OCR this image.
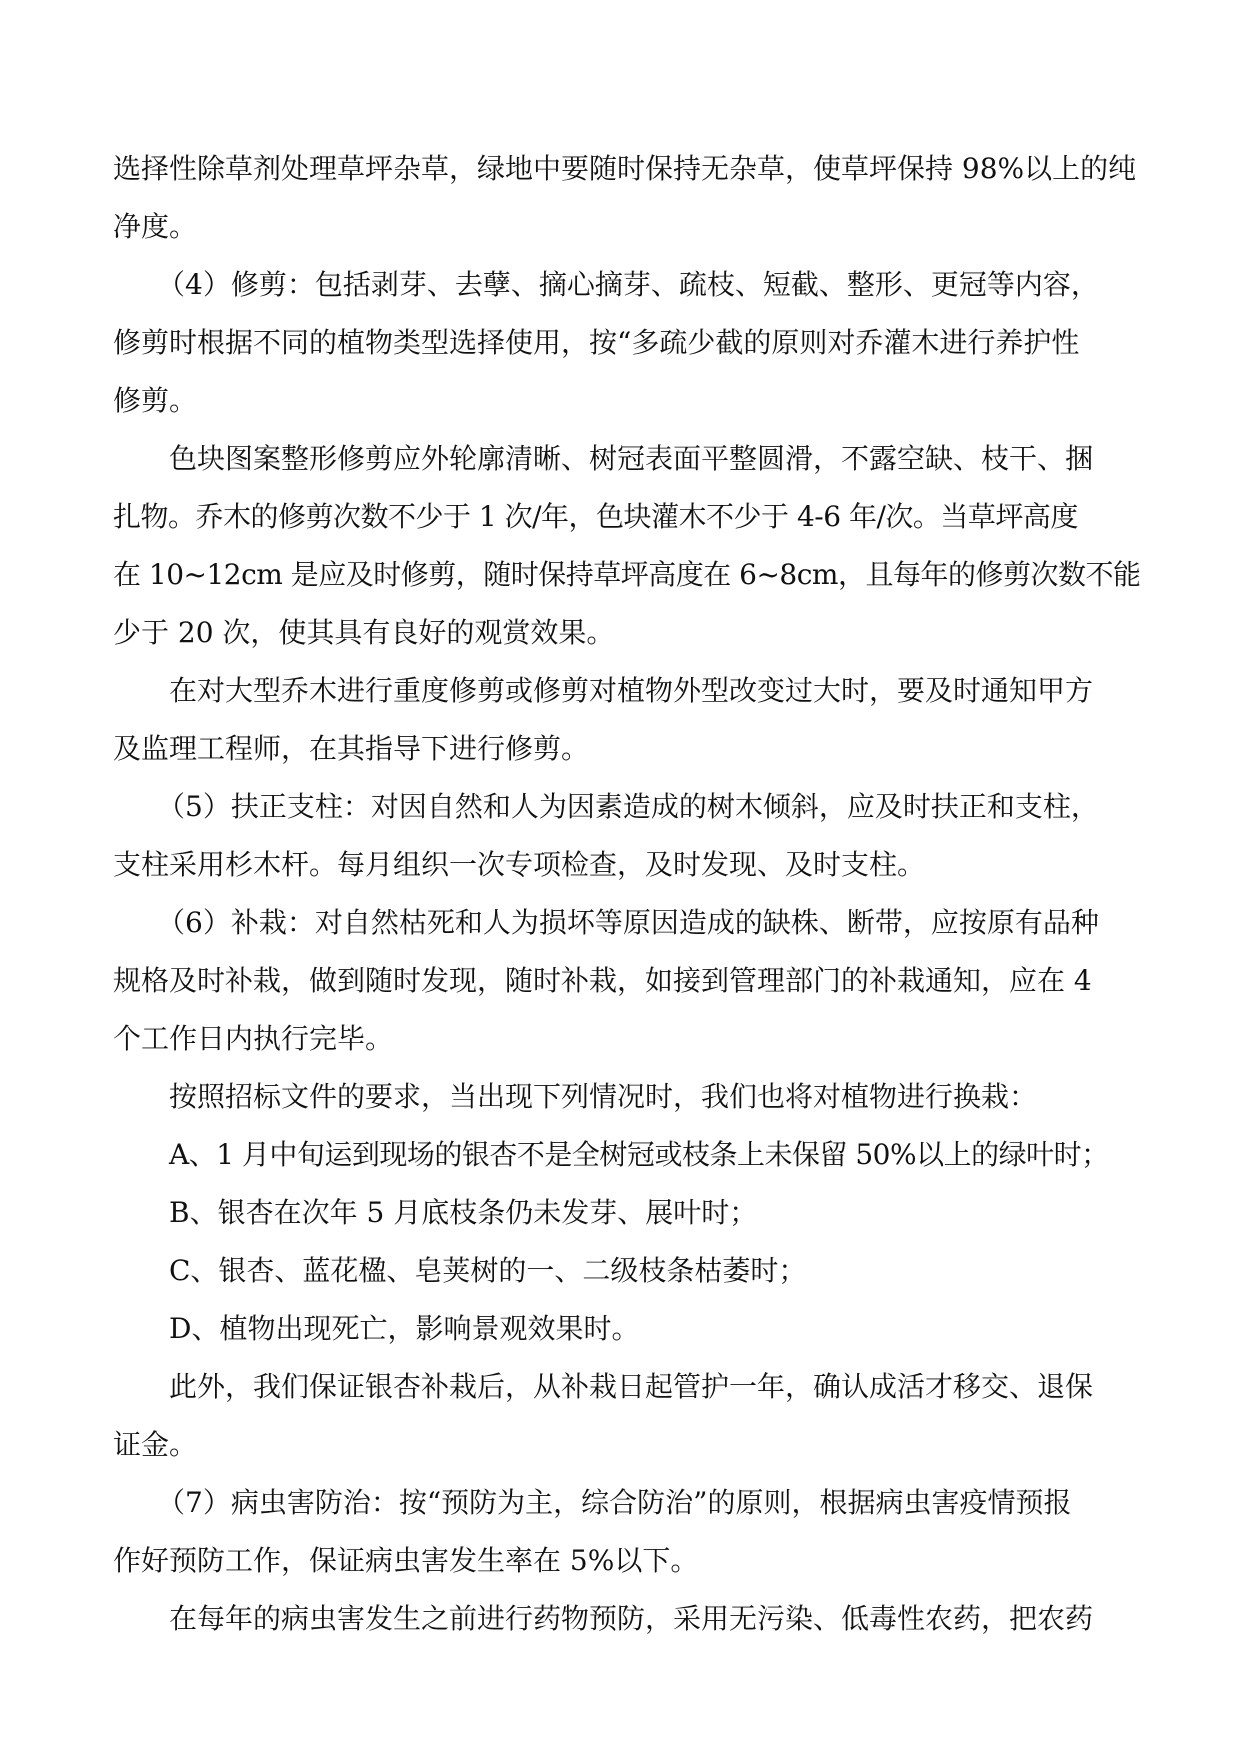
选择性除草剂处理草坪杂草，绿地中要随时保持无杂草，使草坪保持 98%以上的纯

净度。

（4）修剪：包括剥芽、去孽、摘心摘芽、疏枝、短截、整形、更冠等内容，

修剪时根据不同的植物类型选择使用，按“多疏少截的原则对乔灌木进行养护性

修剪。

色块图案整形修剪应外轮廓清晰、树冠表面平整圆滑，不露空缺、枝干、捆

扎物。乔木的修剪次数不少于 1 次/年，色块灌木不少于 4-6 年/次。当草坪高度

在 10~12cm 是应及时修剪，随时保持草坪高度在 6~8cm，且每年的修剪次数不能

少于 20 次，使其具有良好的观赏效果。

在对大型乔木进行重度修剪或修剪对植物外型改变过大时，要及时通知甲方

及监理工程师，在其指导下进行修剪。

（5）扶正支柱：对因自然和人为因素造成的树木倾斜，应及时扶正和支柱，

支柱采用杉木杆。每月组织一次专项检查，及时发现、及时支柱。

（6）补栽：对自然枯死和人为损坏等原因造成的缺株、断带，应按原有品种

规格及时补栽，做到随时发现，随时补栽，如接到管理部门的补栽通知，应在 4

个工作日内执行完毕。

按照招标文件的要求，当出现下列情况时，我们也将对植物进行换栽：

A、1 月中旬运到现场的银杏不是全树冠或枝条上未保留 50%以上的绿叶时；

B、银杏在次年 5 月底枝条仍未发芽、展叶时；

C、银杏、蓝花楹、皂荚树的一、二级枝条枯萎时；

D、植物出现死亡，影响景观效果时。

此外，我们保证银杏补栽后，从补栽日起管护一年，确认成活才移交、退保

证金。

（7）病虫害防治：按“预防为主，综合防治”的原则，根据病虫害疫情预报

作好预防工作，保证病虫害发生率在 5%以下。

在每年的病虫害发生之前进行药物预防，采用无污染、低毒性农药，把农药
